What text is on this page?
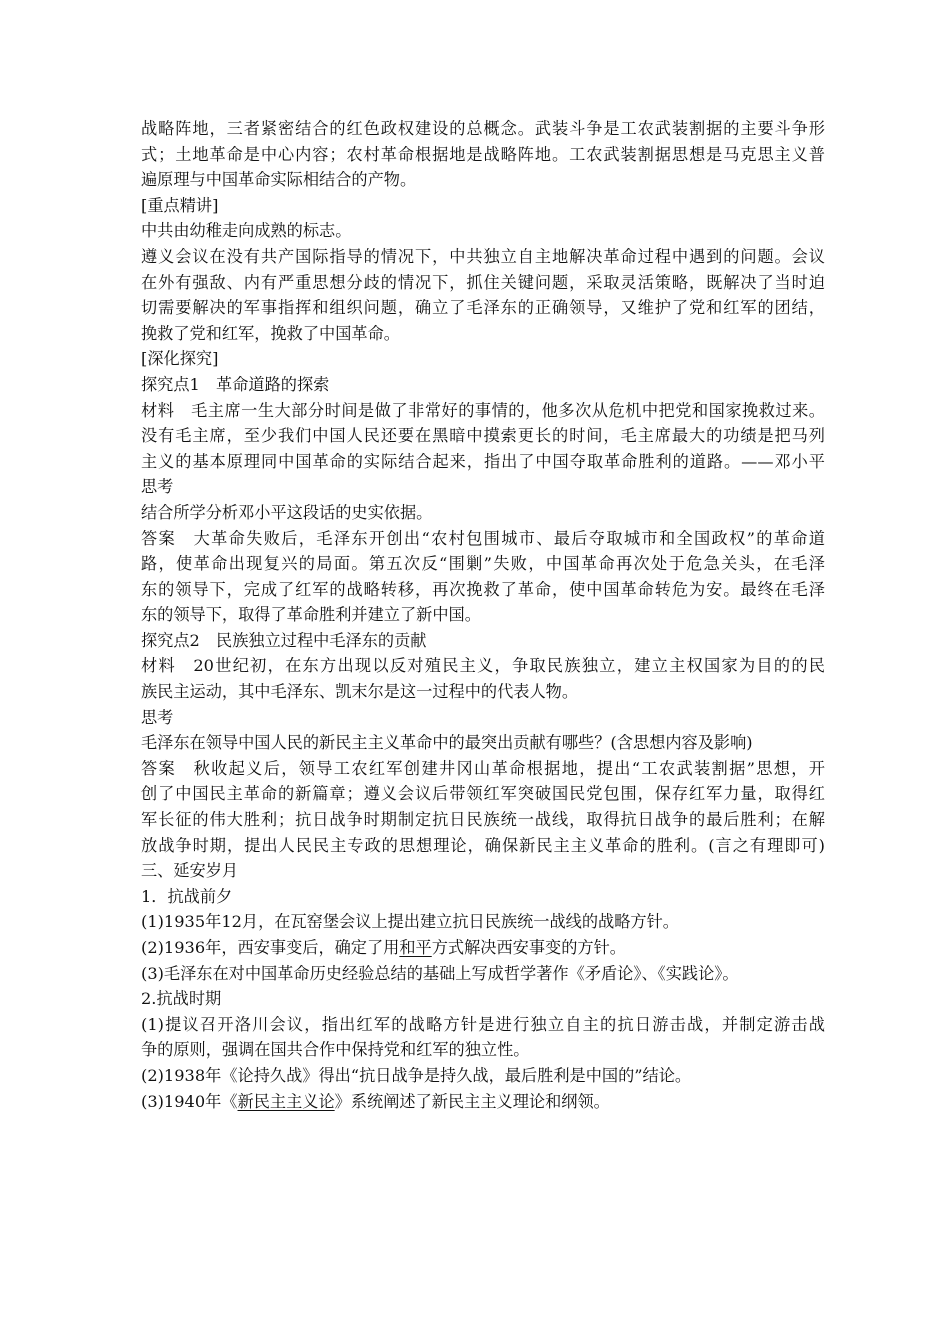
战略阵地，三者紧密结合的红色政权建设的总概念。武装斗争是工农武装割据的主要斗争形
式；土地革命是中心内容；农村革命根据地是战略阵地。工农武装割据思想是马克思主义普
遍原理与中国革命实际相结合的产物。
[重点精讲]
中共由幼稚走向成熟的标志。
遵义会议在没有共产国际指导的情况下，中共独立自主地解决革命过程中遇到的问题。会议
在外有强敌、内有严重思想分歧的情况下，抓住关键问题，采取灵活策略，既解决了当时迫
切需要解决的军事指挥和组织问题，确立了毛泽东的正确领导，又维护了党和红军的团结，
挽救了党和红军，挽救了中国革命。
[深化探究]
探究点1　革命道路的探索
材料　毛主席一生大部分时间是做了非常好的事情的，他多次从危机中把党和国家挽救过来。
没有毛主席，至少我们中国人民还要在黑暗中摸索更长的时间，毛主席最大的功绩是把马列
主义的基本原理同中国革命的实际结合起来，指出了中国夺取革命胜利的道路。——邓小平
思考
结合所学分析邓小平这段话的史实依据。
答案　大革命失败后，毛泽东开创出“农村包围城市、最后夺取城市和全国政权”的革命道
路，使革命出现复兴的局面。第五次反“围剿”失败，中国革命再次处于危急关头，在毛泽
东的领导下，完成了红军的战略转移，再次挽救了革命，使中国革命转危为安。最终在毛泽
东的领导下，取得了革命胜利并建立了新中国。
探究点2　民族独立过程中毛泽东的贡献
材料　20世纪初，在东方出现以反对殖民主义，争取民族独立，建立主权国家为目的的民
族民主运动，其中毛泽东、凯末尔是这一过程中的代表人物。
思考
毛泽东在领导中国人民的新民主主义革命中的最突出贡献有哪些？(含思想内容及影响)
答案　秋收起义后，领导工农红军创建井冈山革命根据地，提出“工农武装割据”思想，开
创了中国民主革命的新篇章；遵义会议后带领红军突破国民党包围，保存红军力量，取得红
军长征的伟大胜利；抗日战争时期制定抗日民族统一战线，取得抗日战争的最后胜利；在解
放战争时期，提出人民民主专政的思想理论，确保新民主主义革命的胜利。(言之有理即可)
三、延安岁月
1．抗战前夕
(1)1935年12月，在瓦窑堡会议上提出建立抗日民族统一战线的战略方针。
(2)1936年，西安事变后，确定了用和平方式解决西安事变的方针。
(3)毛泽东在对中国革命历史经验总结的基础上写成哲学著作《矛盾论》、《实践论》。
2.抗战时期
(1)提议召开洛川会议，指出红军的战略方针是进行独立自主的抗日游击战，并制定游击战
争的原则，强调在国共合作中保持党和红军的独立性。
(2)1938年《论持久战》得出“抗日战争是持久战，最后胜利是中国的”结论。
(3)1940年《新民主主义论》系统阐述了新民主主义理论和纲领。
